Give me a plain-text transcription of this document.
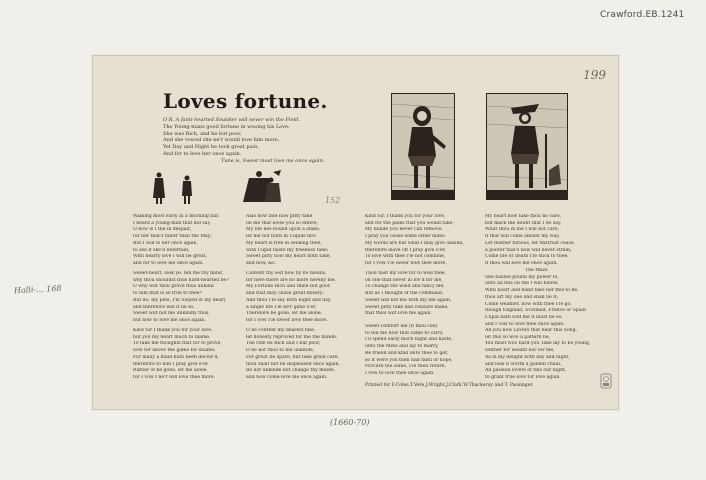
Crawford.EB.1241
Halli-... 168
(1660-70)
199
Loves fortune.
O R, A faint-hearted Souldier will never win the Field.
The Young-mans good fortune in wooing his Love:
She was Rich, and he but poor,
And she vowed she ne'r would love him more,
Yet Day and Night he took great pain,
And for to love her once again.
Tune is, Sweet must love me once again.
152
Walking most early in a morning fair,
I heard a young-man that did say,
O how is I the in despair,
for her that's fairer than the May;
But I will to her once again,
to see if she'll entertain,
With hearty love I will be great,
and for to love me once again.
Sweet-heart, look ye, tell me thy mind,
why thou shouldst thus hard-hearted be?
O why wilt thou prove thus unkind
to him that is so true to thee?
But do, my pets, I'm Slayed in my heart,
and therefore will it be so,
Sweet wilt not me unkindly thus,
but now to love me once again.
Kind Sir I thank you for your love,
but you my heart much to blame,
To take me thoughts that for to prove,
now for above the game for shame;
For many a maid hath been deceiv'd,
therefore to him I pray give e'er,
Rather of be gone, let me alone,
for I vow I ne'r will love thee more.
Alas how fate how pitty take
on me that loves you so entire;
My life lies bound upon a stake,
let me not burn in Cupids fire:
My heart is free in seeking thee,
with Cupid haste my freeness tane;
Sweet pitty now my heart doth take,
and now, &c.
Content thy self how by no means,
for here there are no more hereby me,
My Fortune Rich and thine but poor,
and that may cause great misery;
And thou I'le say both night and day,
a single life I'le ne'r gane o'er,
Therefore be gone, let me alone,
for I vow I'le never love thee more.
O be content my dearest fate,
let honesty reproved for me the minde,
The ride be Rich and I but poor,
O be not thou to me unkinde,
For great Ile spare, but take great care,
thou shalt not be displeased once again,
Be not unkinde but change thy minde,
and now come love me once again.
Kind Sir, I thank you for your love,
and for the pains that you would take;
My minde you never can remove,
I pray you cease some other mate:
My words are but what I may give unkind,
therefore leave off I pray give o'er,
To love with thee I'le not combine,
for I vow I'le never love thee more.
Thou hast my love for to wed thee,
on one that never in lov'd for me,
To change the wind and fancy me,
But as I thought of the command,
Sweet will not me with my life again,
Sweet pitty take and censure make,
that thou wilt love me again.
Sweet comfort me (if thou can)
to tell me how that came to carry,
I'll spend early morn night and haste,
unto the Mine and lay to marry,
Be friend and kind unto thee to get,
so it were you then had faith or hope,
Procure the same, I'le then return,
I vow to love thee once again.
My heart now take thou no care,
but mark the doubt that I do say,
What thou in me I will not care,
if that will come amidst my way,
Let feather furious, let Mistrust cease,
a poorer that's now will never strain;
Come life or death I'le stick to thee,
if thou will love me once again.
The Maid.
She hasted pound my power fo,
unto all this on the I will follow,
With heart and hand take her this to be,
thou art my one and shall be it;
Come weather, now with thee I'le go,
though England, Scotland, France or Spain
Cupid hath told me it must be so,
and I vow to love thee once again.
All you now Lovers that hear this Song,
let this so woo a pattern be,
You must woo hard you Take lay to be young,
neither for wealth nor for fee,
As in my delight both day and night,
and lose it worth a golden chain,
All passion lovers of this our night,
to grant true love for love again.
Printed for F.Coles,T.Vere,J.Wright,J.Clark,W.Thackeray and T. Passinger.
